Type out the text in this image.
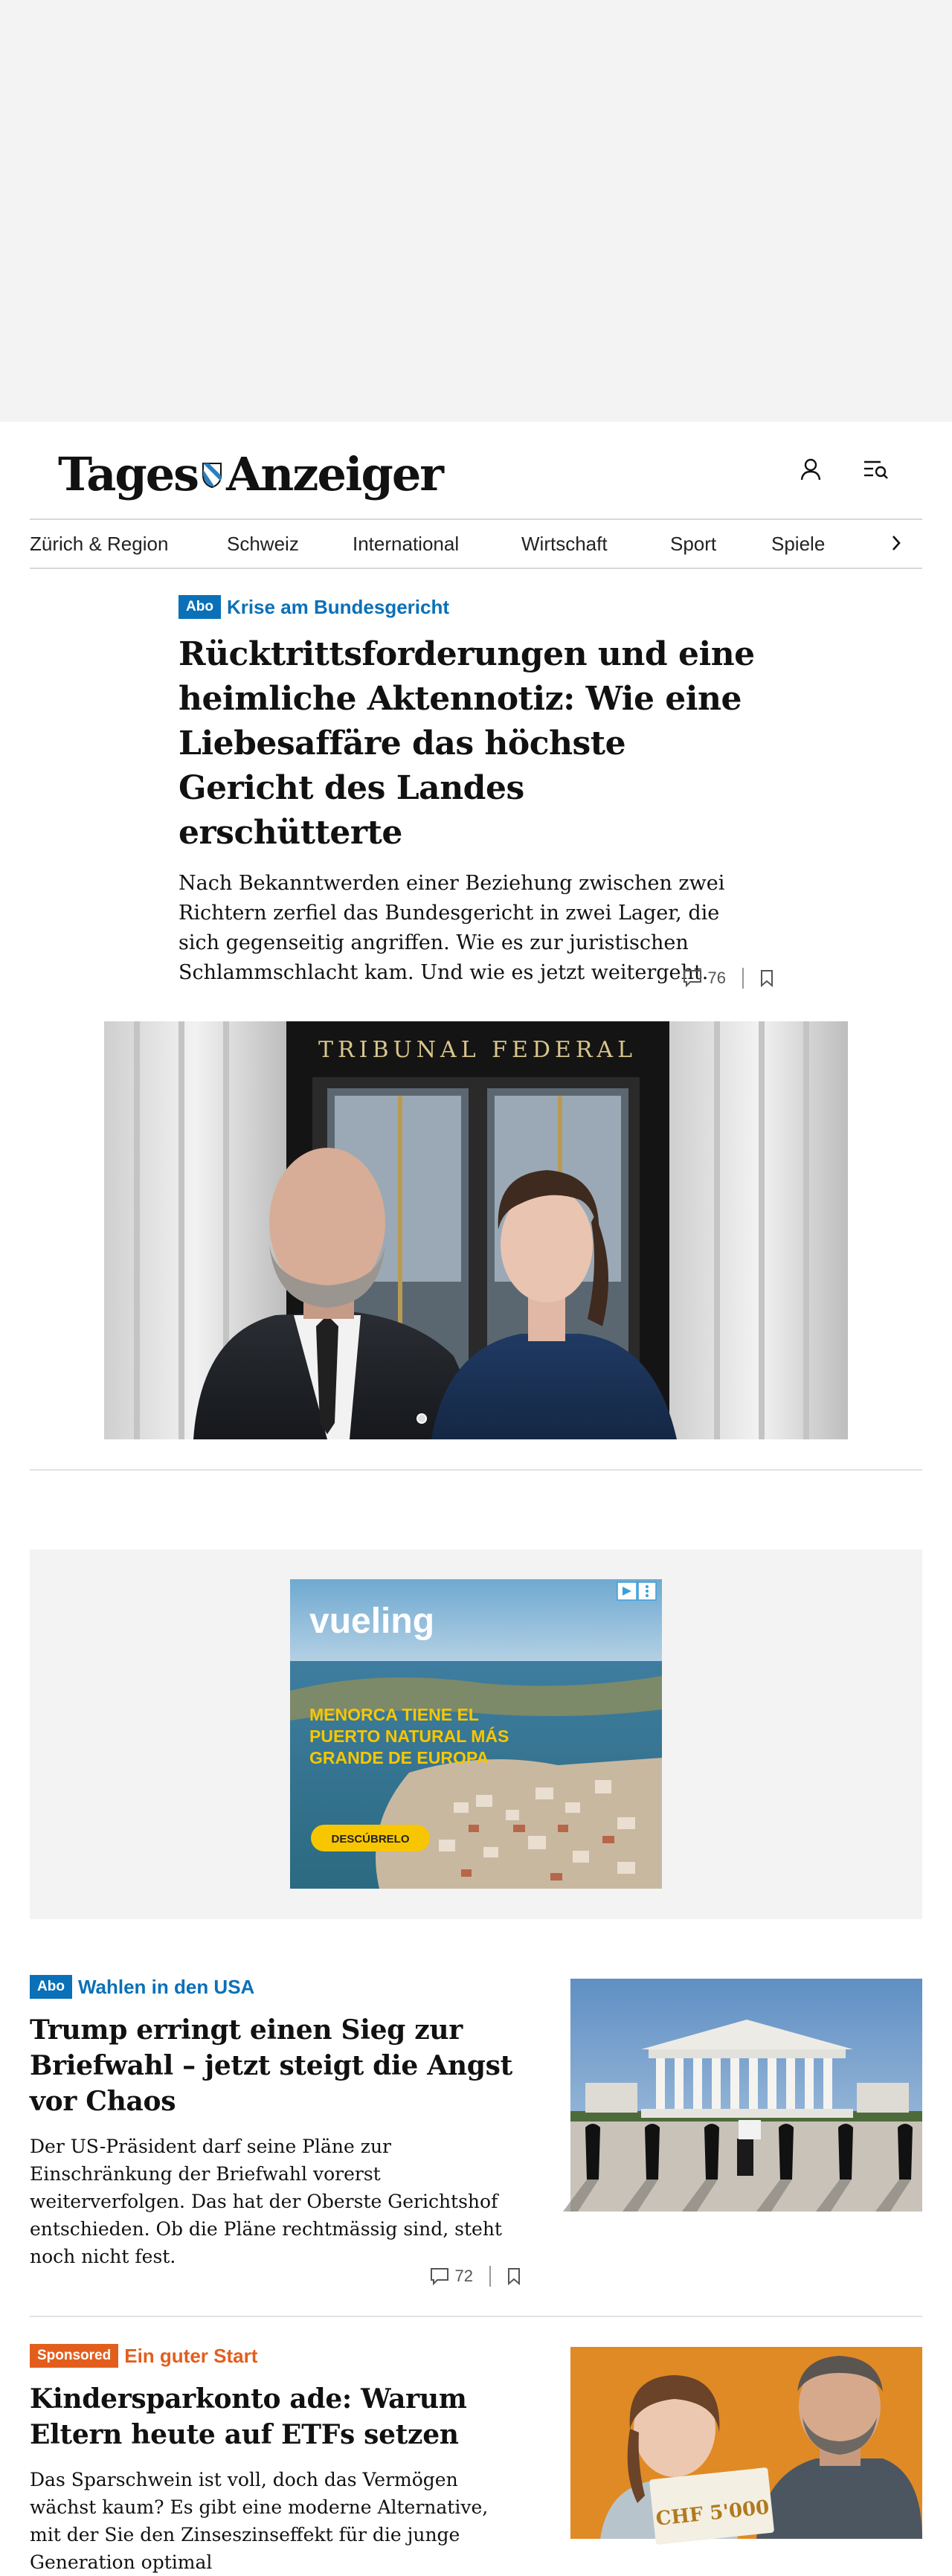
Tages Anzeiger
Zürich & Region	Schweiz	International	Wirtschaft	Sport	Spiele
Abo Krise am Bundesgericht
Rücktrittsforderungen und eine heimliche Aktennotiz: Wie eine Liebesaffäre das höchste Gericht des Landes erschütterte

Nach Bekanntwerden einer Beziehung zwischen zwei Richtern zerfiel das Bundesgericht in zwei Lager, die sich gegenseitig angriffen. Wie es zur juristischen Schlammschlacht kam. Und wie es jetzt weitergeht. 76
TRIBUNAL FEDERAL
vueling
MENORCA TIENE EL PUERTO NATURAL MÁS GRANDE DE EUROPA
DESCÚBRELO
Abo Wahlen in den USA
Trump erringt einen Sieg zur Briefwahl – jetzt steigt die Angst vor Chaos

Der US-Präsident darf seine Pläne zur Einschränkung der Briefwahl vorerst weiterverfolgen. Das hat der Oberste Gerichtshof entschieden. Ob die Pläne rechtmässig sind, steht noch nicht fest.

72
Sponsored Ein guter Start
Kindersparkonto ade: Warum Eltern heute auf ETFs setzen

Das Sparschwein ist voll, doch das Vermögen wächst kaum? Es gibt eine moderne Alternative, mit der Sie den Zinseszinseffekt für die junge Generation optimal

CHF 5'000
